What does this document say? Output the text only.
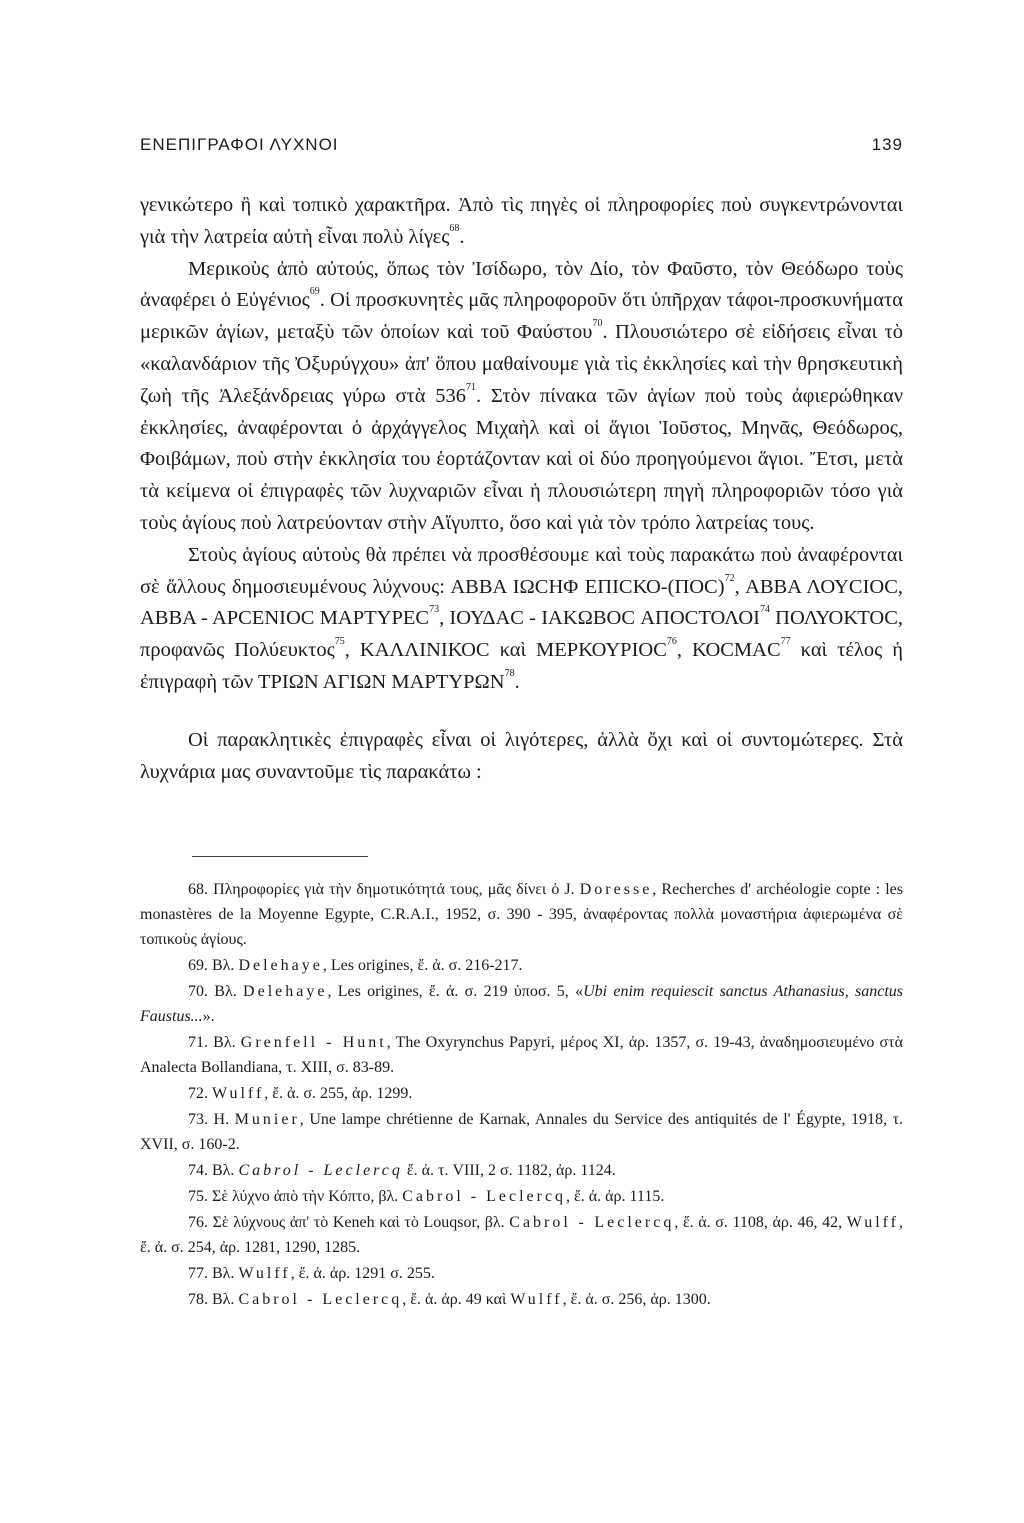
ΕΝΕΠΙΓΡΑΦΟΙ ΛΥΧΝΟΙ	139

γενικώτερο ἢ καὶ τοπικὸ χαρακτῆρα. Ἀπὸ τὶς πηγὲς οἱ πληροφορίες ποὺ συγκεντρώνονται γιὰ τὴν λατρεία αὐτὴ εἶναι πολὺ λίγες$^{68}$.

Μερικοὺς ἀπὸ αὐτούς, ὅπως τὸν Ἰσίδωρο, τὸν Δίο, τὸν Φαῦστο, τὸν Θεόδωρο τοὺς ἀναφέρει ὁ Εὐγένιος$^{69}$. Οἱ προσκυνητὲς μᾶς πληροφοροῦν ὅτι ὑπῆρχαν τάφοι-προσκυνήματα μερικῶν ἁγίων, μεταξὺ τῶν ὁποίων καὶ τοῦ Φαύστου$^{70}$. Πλουσιώτερο σὲ εἰδήσεις εἶναι τὸ «καλανδάριον τῆς Ὀξυρύγχου» ἀπ' ὅπου μαθαίνουμε γιὰ τὶς ἐκκλησίες καὶ τὴν θρησκευτικὴ ζωὴ τῆς Ἀλεξάνδρειας γύρω στὰ $536^{71}$. Στὸν πίνακα τῶν ἁγίων ποὺ τοὺς ἀφιερώθηκαν ἐκκλησίες, ἀναφέρονται ὁ ἀρχάγγελος Μιχαὴλ καὶ οἱ ἅγιοι Ἰοῦστος, Μηνᾶς, Θεόδωρος, Φοιβάμων, ποὺ στὴν ἐκκλησία του ἑορτάζονταν καὶ οἱ δύο προηγούμενοι ἅγιοι. Ἔτσι, μετὰ τὰ κείμενα οἱ ἐπιγραφὲς τῶν λυχναριῶν εἶναι ἡ πλουσιώτερη πηγὴ πληροφοριῶν τόσο γιὰ τοὺς ἁγίους ποὺ λατρεύονταν στὴν Αἴγυπτο, ὅσο καὶ γιὰ τὸν τρόπο λατρείας τους.

Στοὺς ἁγίους αὐτοὺς θὰ πρέπει νὰ προσθέσουμε καὶ τοὺς παρακάτω ποὺ ἀναφέρονται σὲ ἄλλους δημοσιευμένους λύχνους: ΑΒΒΑ ΙΩCΗΦ ΕΠΙCΚΟ-$(\Pi OC)^{72}$, ΑΒΒΑ ΛΟΥCΙΟC, ΑΒΒΑ - ΑΡCΕΝΙΟC ΜΑΡΤΥΡΕC$^{73}$, ΙΟΥΔΑC - ΙΑΚΩΒΟC ΑΠΟCΤΟΛΟΙ$^{74}$ ΠΟΛΥΟΚΤΟC, προφανῶς Πολύευκτος$^{75}$, ΚΑΛΛΙΝΙΚΟC καὶ ΜΕΡΚΟΥΡΙΟC$^{76}$, ΚΟCΜΑC$^{77}$ καὶ τέλος ἡ ἐπιγραφὴ τῶν ΤΡΙΩΝ ΑΓΙΩΝ ΜΑΡΤΥΡΩΝ$^{78}$.

Οἱ παρακλητικὲς ἐπιγραφὲς εἶναι οἱ λιγότερες, ἀλλὰ ὄχι καὶ οἱ συντομώτερες. Στὰ λυχνάρια μας συναντοῦμε τὶς παρακάτω :

68. Πληροφορίες γιὰ τὴν δημοτικότητά τους, μᾶς δίνει ὁ J. Doresse, Recherches d' archéologie copte : les monastères de la Moyenne Egypte, C.R.A.I., 1952, σ. 390 - 395, ἀναφέροντας πολλὰ μοναστήρια ἀφιερωμένα σὲ τοπικοὺς ἁγίους.

69. Βλ. Delehaye, Les origines, ἔ. ἀ. σ. 216-217.

70. Βλ. Delehaye, Les origines, ἔ. ἀ. σ. 219 ὑποσ. 5, «Ubi enim requiescit sanctus Athanasius, sanctus Faustus...».

71. Βλ. Grenfell - Hunt, The Oxyrynchus Papyri, μέρος XI, ἀρ. 1357, σ. 19-43, ἀναδημοσιευμένο στὰ Analecta Bollandiana, τ. XIII, σ. 83-89.

72. Wulff, ἔ. ἀ. σ. 255, ἀρ. 1299.

73. H. Munier, Une lampe chrétienne de Karnak, Annales du Service des antiquités de l' Égypte, 1918, τ. XVII, σ. 160-2.

74. Βλ. Cabrol - Leclercq ἔ. ἀ. τ. VIII, 2 σ. 1182, ἀρ. 1124.

75. Σὲ λύχνο ἀπὸ τὴν Κόπτο, βλ. Cabrol - Leclercq, ἔ. ἀ. ἀρ. 1115.

76. Σὲ λύχνους ἀπ' τὸ Keneh καὶ τὸ Louqsor, βλ. Cabrol - Leclercq, ἔ. ἀ. σ. 1108, ἀρ. 46, 42, Wulff, ἔ. ἀ. σ. 254, ἀρ. 1281, 1290, 1285.

77. Βλ. Wulff, ἔ. ἀ. ἀρ. 1291 σ. 255.

78. Βλ. Cabrol - Leclercq, ἔ. ἀ. ἀρ. 49 καὶ Wulff, ἔ. ἀ. σ. 256, ἀρ. 1300.
